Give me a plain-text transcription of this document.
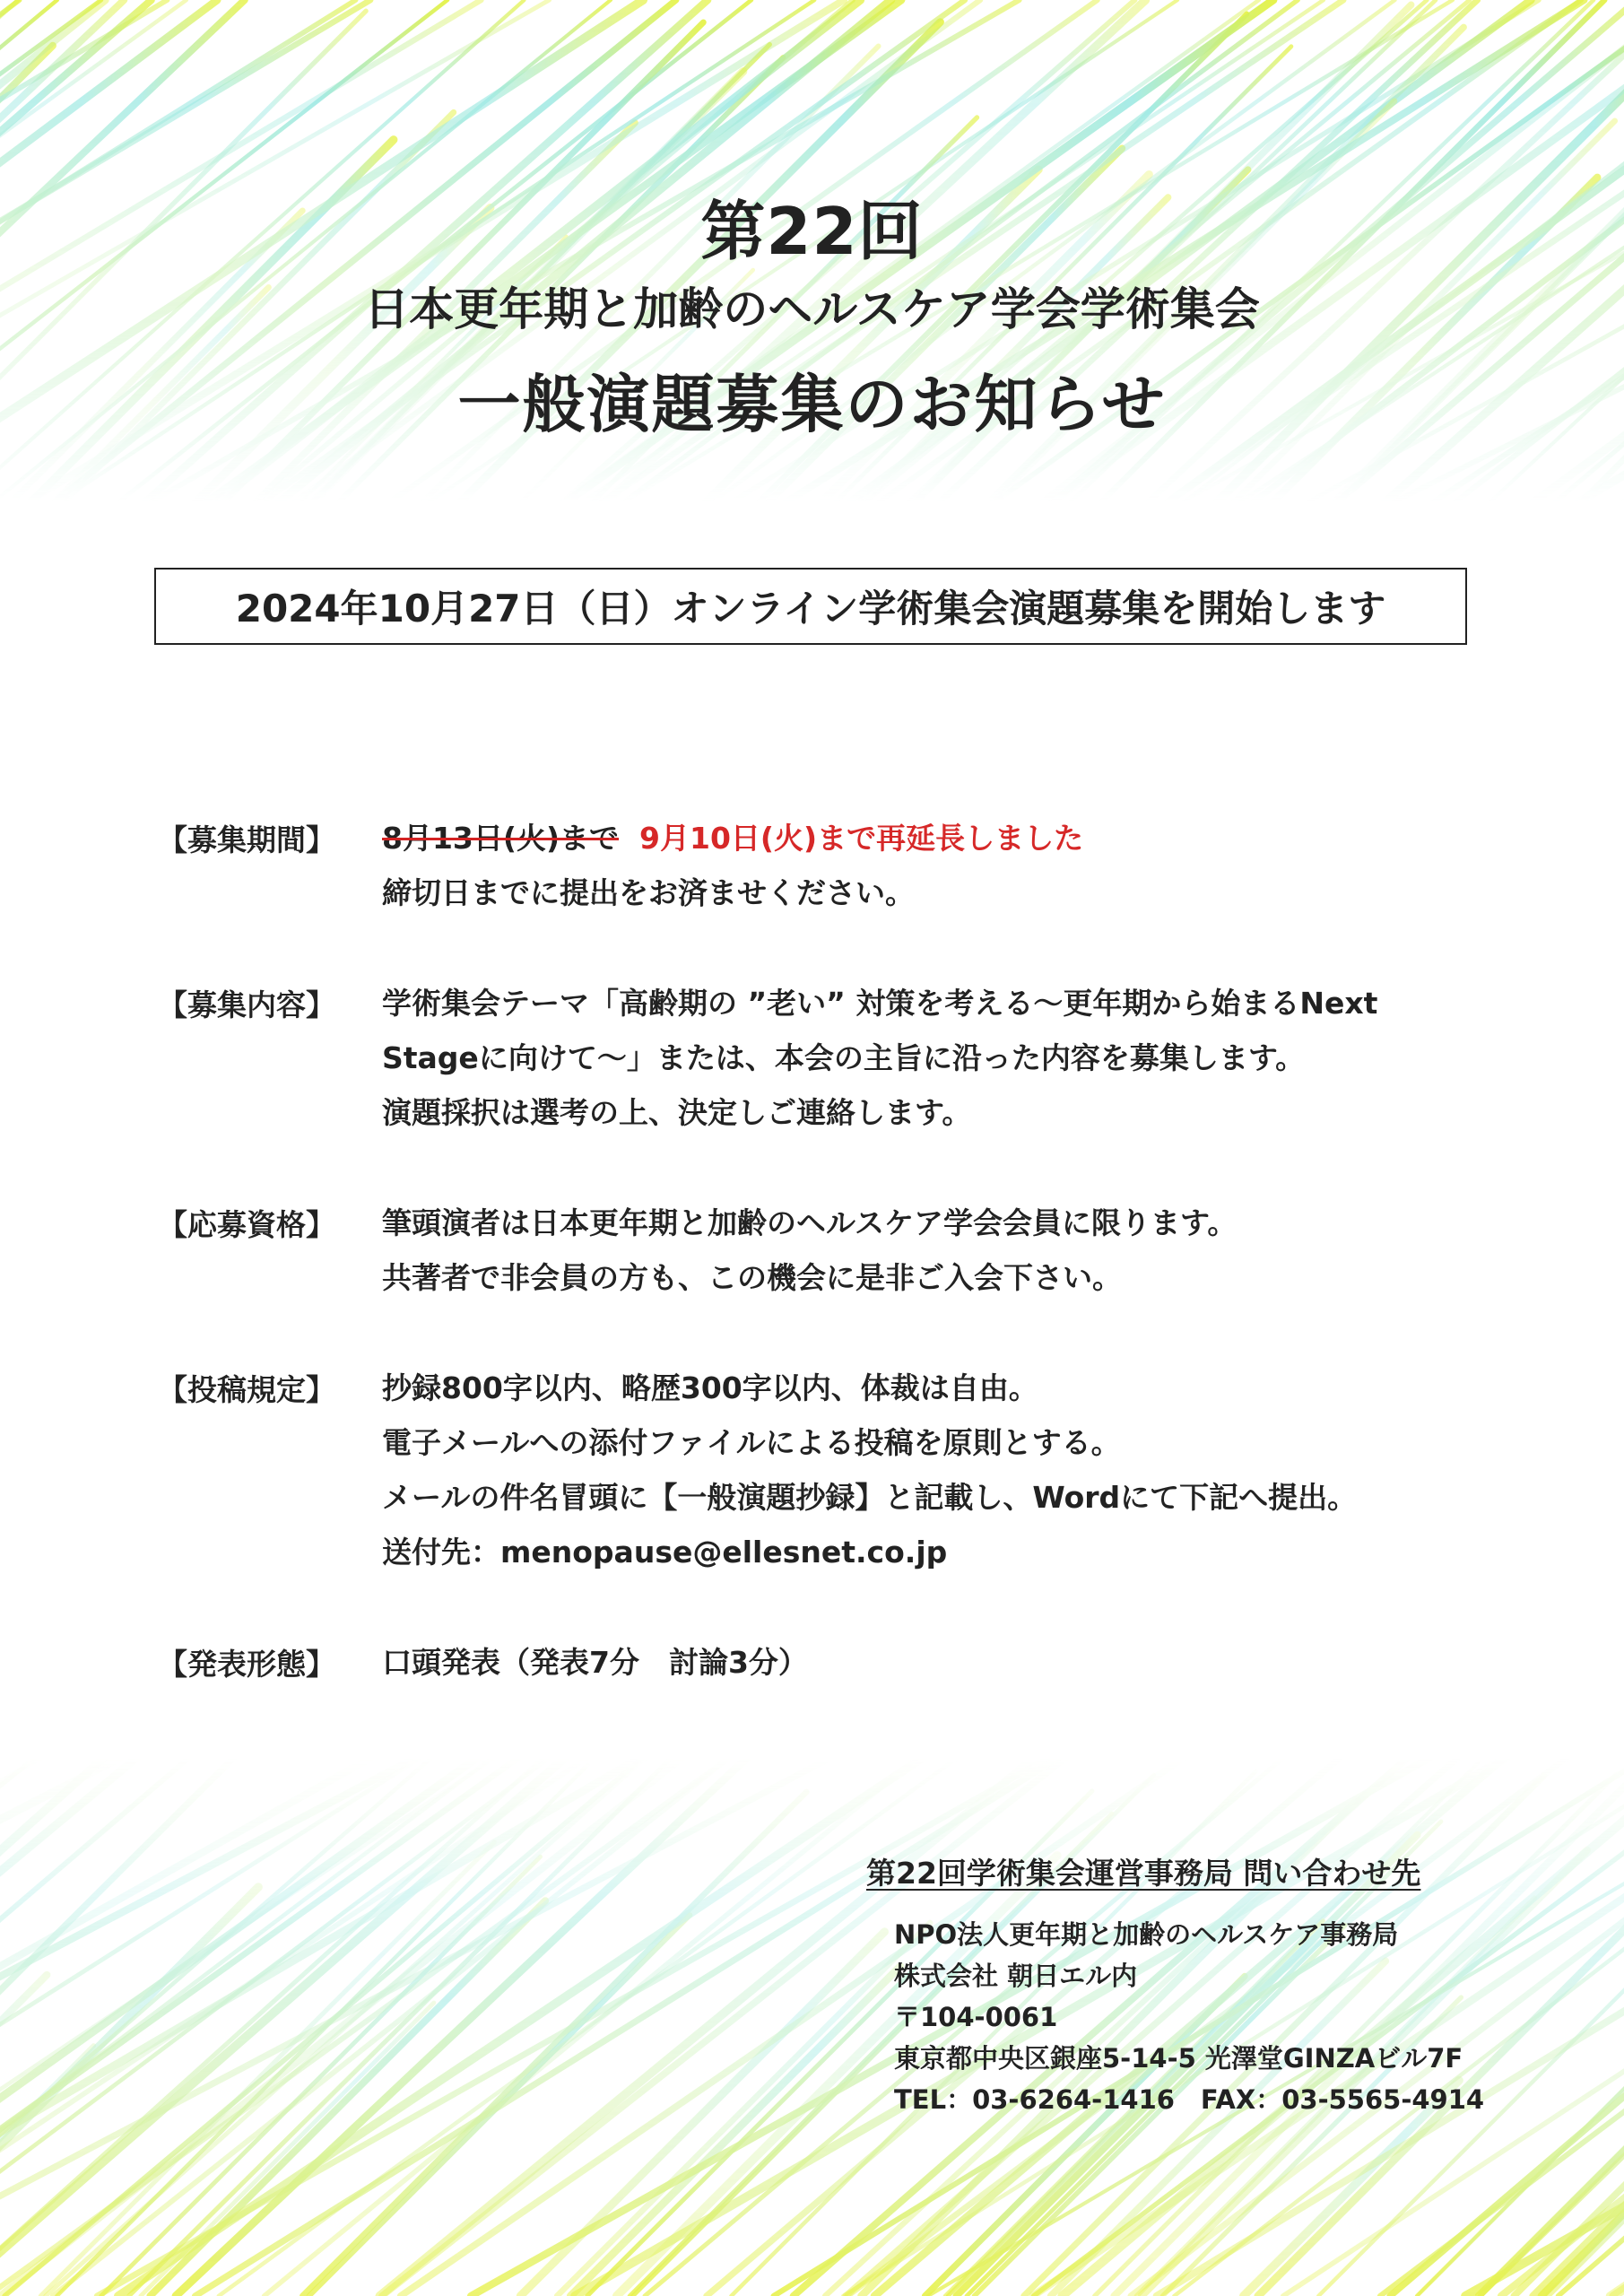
第22回
日本更年期と加齢のヘルスケア学会学術集会
一般演題募集のお知らせ
2024年10月27日（日）オンライン学術集会演題募集を開始します
【募集期間】	8月13日(火)まで 9月10日(火)まで再延長しました
締切日までに提出をお済ませください。
【募集内容】	学術集会テーマ「高齢期の ”老い” 対策を考える～更年期から始まるNext
Stageに向けて～」または、本会の主旨に沿った内容を募集します。
演題採択は選考の上、決定しご連絡します。
【応募資格】	筆頭演者は日本更年期と加齢のヘルスケア学会会員に限ります。
共著者で非会員の方も、この機会に是非ご入会下さい。
【投稿規定】	抄録800字以内、略歴300字以内、体裁は自由。
電子メールへの添付ファイルによる投稿を原則とする。
メールの件名冒頭に【一般演題抄録】と記載し、Wordにて下記へ提出。
送付先：menopause@ellesnet.co.jp
【発表形態】	口頭発表（発表7分　討論3分）
第22回学術集会運営事務局 問い合わせ先
NPO法人更年期と加齢のヘルスケア事務局
株式会社 朝日エル内
〒104-0061
東京都中央区銀座5-14-5 光澤堂GINZAビル7F
TEL：03-6264-1416　FAX：03-5565-4914
